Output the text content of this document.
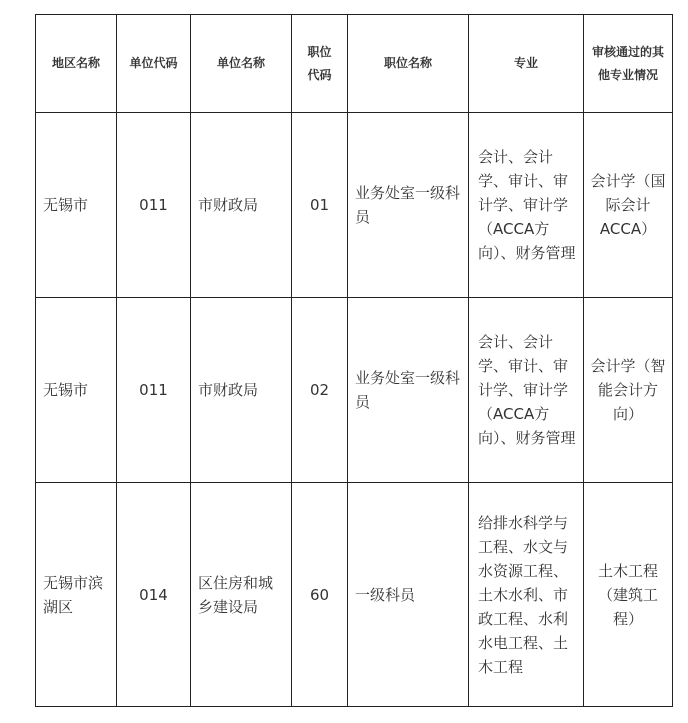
地区名称	单位代码	单位名称	职位代码	职位名称	专业	审核通过的其他专业情况
无锡市	011	市财政局	01	业务处室一级科员	会计、会计学、审计、审计学、审计学（ACCA方向）、财务管理	会计学（国际会计ACCA）
无锡市	011	市财政局	02	业务处室一级科员	会计、会计学、审计、审计学、审计学（ACCA方向）、财务管理	会计学（智能会计方向）
无锡市滨湖区	014	区住房和城乡建设局	60	一级科员	给排水科学与工程、水文与水资源工程、土木水利、市政工程、水利水电工程、土木工程	土木工程（建筑工程）
